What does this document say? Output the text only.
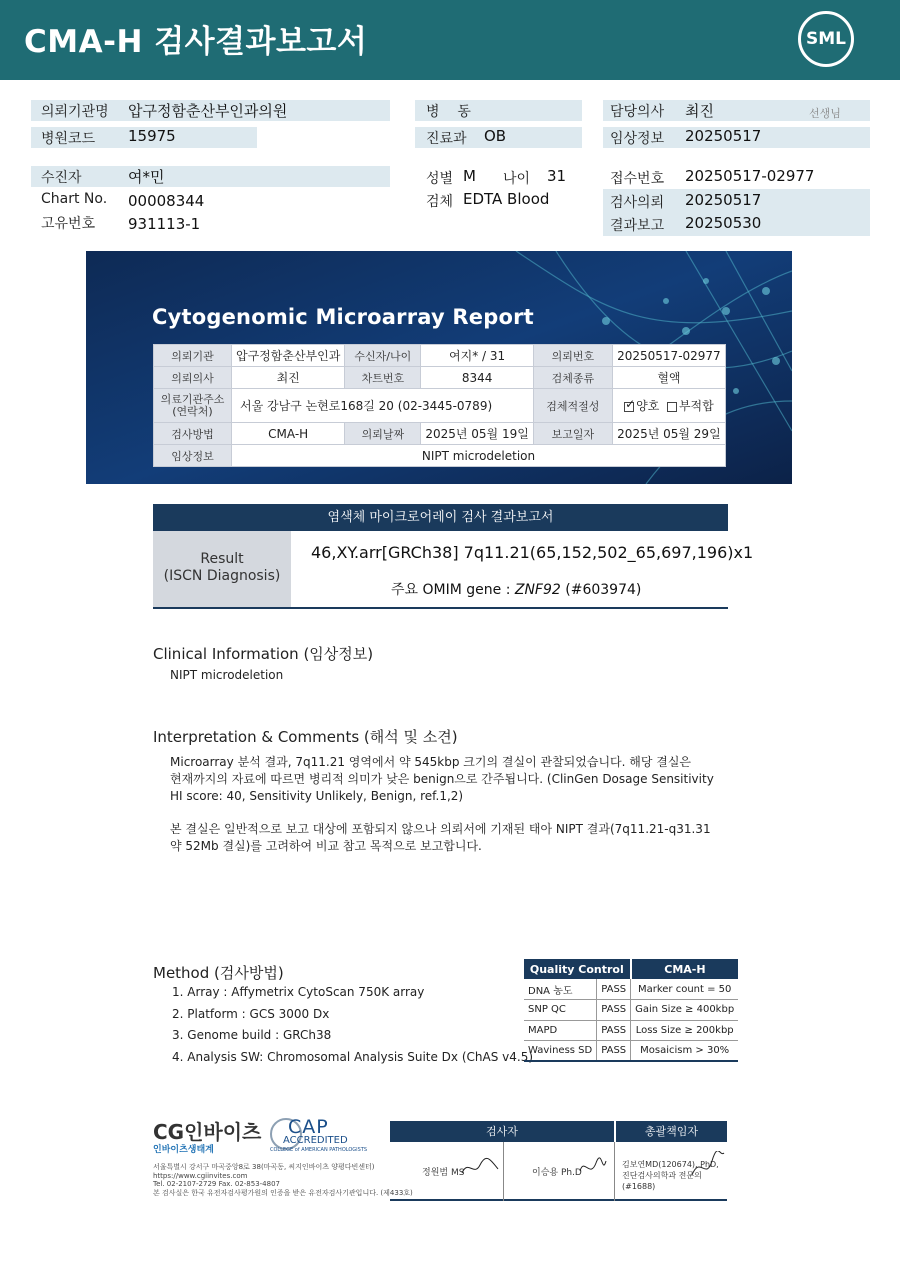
CMA-H 검사결과보고서	SML
의뢰기관명 압구정함춘산부인과의원
병원코드 15975
병    동
진료과 OB
담당의사 최진	선생님
임상정보 20250517
수진자	여*민
Chart No. 00008344
고유번호 931113-1
성별 M 나이 31
검체 EDTA Blood
접수번호 20250517-02977
검사의뢰 20250517
결과보고 20250530
Cytogenomic Microarray Report
의뢰기관	압구정함춘산부인과	수신자/나이	여지* / 31	의뢰번호	20250517-02977
의뢰의사	최진	차트번호	8344	검체종류	혈액
의료기관주소 (연락처)	서울 강남구 논현로168길 20 (02-3445-0789)			검체적절성	✓양호 부적합
검사방법	CMA-H	의뢰날짜	2025년 05월 19일	보고일자	2025년 05월 29일
임상정보	NIPT microdeletion				
염색체 마이크로어레이 검사 결과보고서
Result
(ISCN Diagnosis)
46,XY.arr[GRCh38] 7q11.21(65,152,502_65,697,196)x1
주요 OMIM gene : ZNF92 (#603974)
Clinical Information (임상정보)
NIPT microdeletion
Interpretation & Comments (해석 및 소견)
Microarray 분석 결과, 7q11.21 영역에서 약 545kbp 크기의 결실이 관찰되었습니다. 해당 결실은
현재까지의 자료에 따르면 병리적 의미가 낮은 benign으로 간주됩니다. (ClinGen Dosage Sensitivity
HI score: 40, Sensitivity Unlikely, Benign, ref.1,2)
본 결실은 일반적으로 보고 대상에 포함되지 않으나 의뢰서에 기재된 태아 NIPT 결과(7q11.21-q31.31
약 52Mb 결실)를 고려하여 비교 참고 목적으로 보고합니다.
Method (검사방법)
1. Array : Affymetrix CytoScan 750K array
2. Platform : GCS 3000 Dx
3. Genome build : GRCh38
4. Analysis SW: Chromosomal Analysis Suite Dx (ChAS v4.5)
Quality Control		CMA-H
DNA 농도	PASS	Marker count = 50
SNP QC	PASS	Gain Size ≥ 400kbp
MAPD	PASS	Loss Size ≥ 200kbp
Waviness SD	PASS	Mosaicism > 30%
CG인바이츠
인바이츠생태계
CAP
ACCREDITED
COLLEGE of AMERICAN PATHOLOGISTS
서울특별시 강서구 마곡중앙8로 38(마곡동, 씨지인바이츠 양평다빈센터)
https://www.cgiinvites.com
Tel. 02-2107-2729 Fax. 02-853-4807
본 검사실은 한국 유전자검사평가원의 인증을 받은 유전자검사기관입니다. (제433호)
검사자	총괄책임자
정원범 MS	이승용 Ph.D
김보연MD(120674), PhD,
진단검사의학과 전문의(#1688)
